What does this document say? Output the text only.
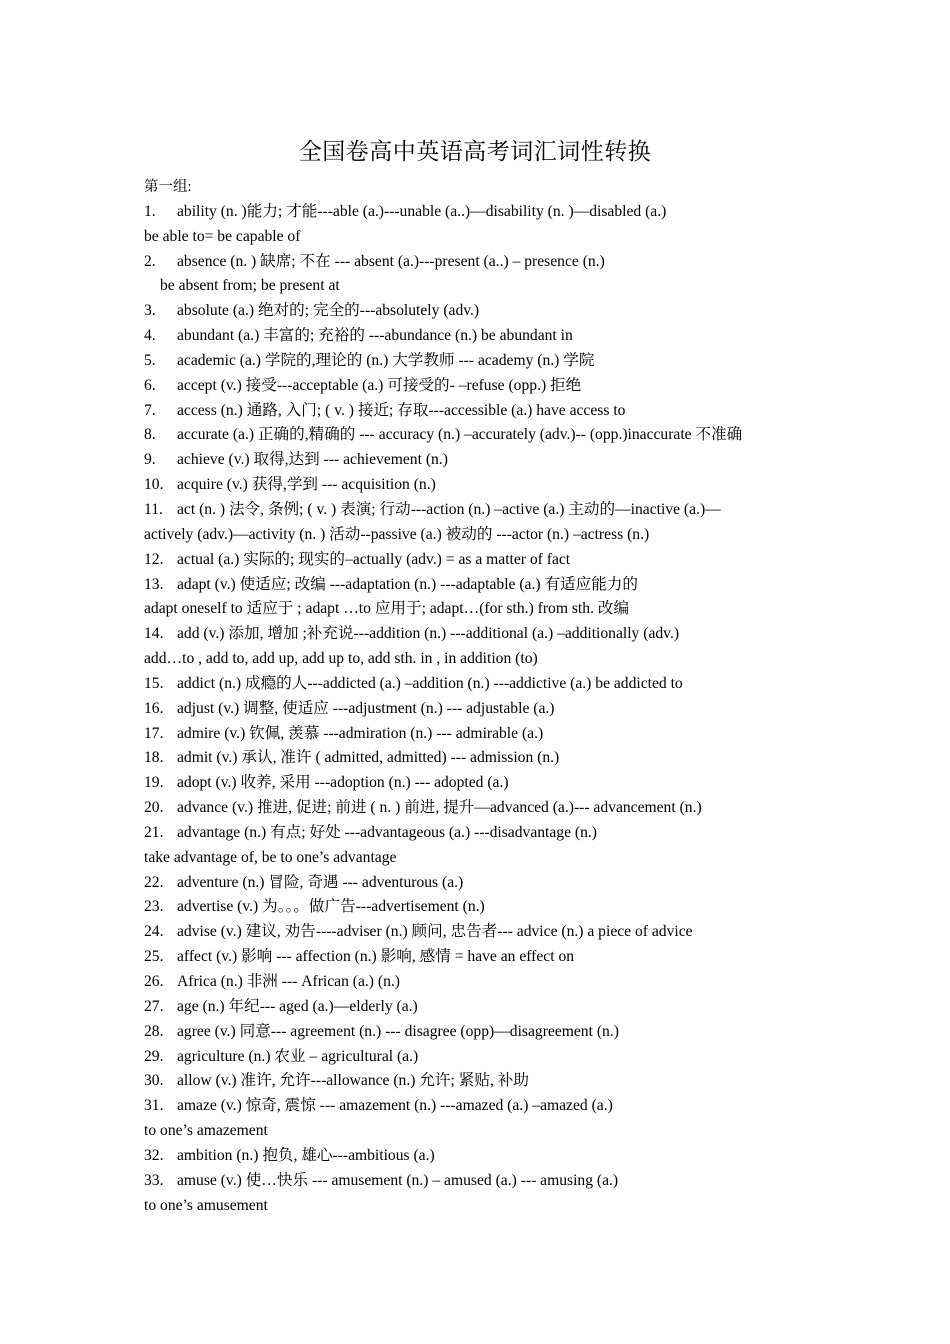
全国卷高中英语高考词汇词性转换
第一组:
1. ability (n. )能力; 才能---able (a.)---unable (a..)—disability (n. )—disabled (a.)
be able to= be capable of
2. absence (n. ) 缺席; 不在 --- absent (a.)---present (a..) – presence (n.)
be absent from; be present at
3. absolute (a.) 绝对的; 完全的---absolutely (adv.)
4. abundant (a.) 丰富的; 充裕的 ---abundance (n.) be abundant in
5. academic (a.) 学院的,理论的 (n.) 大学教师 --- academy (n.) 学院
6. accept (v.) 接受---acceptable (a.) 可接受的- –refuse (opp.) 拒绝
7. access (n.) 通路, 入门; ( v. ) 接近; 存取---accessible (a.) have access to
8. accurate (a.) 正确的,精确的 --- accuracy (n.) –accurately (adv.)-- (opp.)inaccurate 不准确
9. achieve (v.) 取得,达到 --- achievement (n.)
10. acquire (v.) 获得,学到 --- acquisition (n.)
11. act (n. ) 法令, 条例; ( v. ) 表演; 行动---action (n.) –active (a.) 主动的—inactive (a.)—
actively (adv.)—activity (n. ) 活动--passive (a.) 被动的 ---actor (n.) –actress (n.)
12. actual (a.) 实际的; 现实的–actually (adv.) = as a matter of fact
13. adapt (v.) 使适应; 改编 ---adaptation (n.) ---adaptable (a.) 有适应能力的
adapt oneself to 适应于 ; adapt …to 应用于; adapt…(for sth.) from sth. 改编
14. add (v.) 添加, 增加 ;补充说---addition (n.) ---additional (a.) –additionally (adv.)
add…to , add to, add up, add up to, add sth. in , in addition (to)
15. addict (n.) 成瘾的人---addicted (a.) –addition (n.) ---addictive (a.) be addicted to
16. adjust (v.) 调整, 使适应 ---adjustment (n.) --- adjustable (a.)
17. admire (v.) 钦佩, 羡慕 ---admiration (n.) --- admirable (a.)
18. admit (v.) 承认, 准许 ( admitted, admitted) --- admission (n.)
19. adopt (v.) 收养, 采用 ---adoption (n.) --- adopted (a.)
20. advance (v.) 推进, 促进; 前进 ( n. ) 前进, 提升—advanced (a.)--- advancement (n.)
21. advantage (n.) 有点; 好处 ---advantageous (a.) ---disadvantage (n.)
take advantage of, be to one’s advantage
22. adventure (n.) 冒险, 奇遇 --- adventurous (a.)
23. advertise (v.) 为。。。做广告---advertisement (n.)
24. advise (v.) 建议, 劝告----adviser (n.) 顾问, 忠告者--- advice (n.) a piece of advice
25. affect (v.) 影响 --- affection (n.) 影响, 感情 = have an effect on
26. Africa (n.) 非洲 --- African (a.) (n.)
27. age (n.) 年纪--- aged (a.)—elderly (a.)
28. agree (v.) 同意--- agreement (n.) --- disagree (opp)—disagreement (n.)
29. agriculture (n.) 农业 – agricultural (a.)
30. allow (v.) 准许, 允许---allowance (n.) 允许; 紧贴, 补助
31. amaze (v.) 惊奇, 震惊 --- amazement (n.) ---amazed (a.) –amazed (a.)
to one’s amazement
32. ambition (n.) 抱负, 雄心---ambitious (a.)
33. amuse (v.) 使…快乐 --- amusement (n.) – amused (a.) --- amusing (a.)
to one’s amusement
